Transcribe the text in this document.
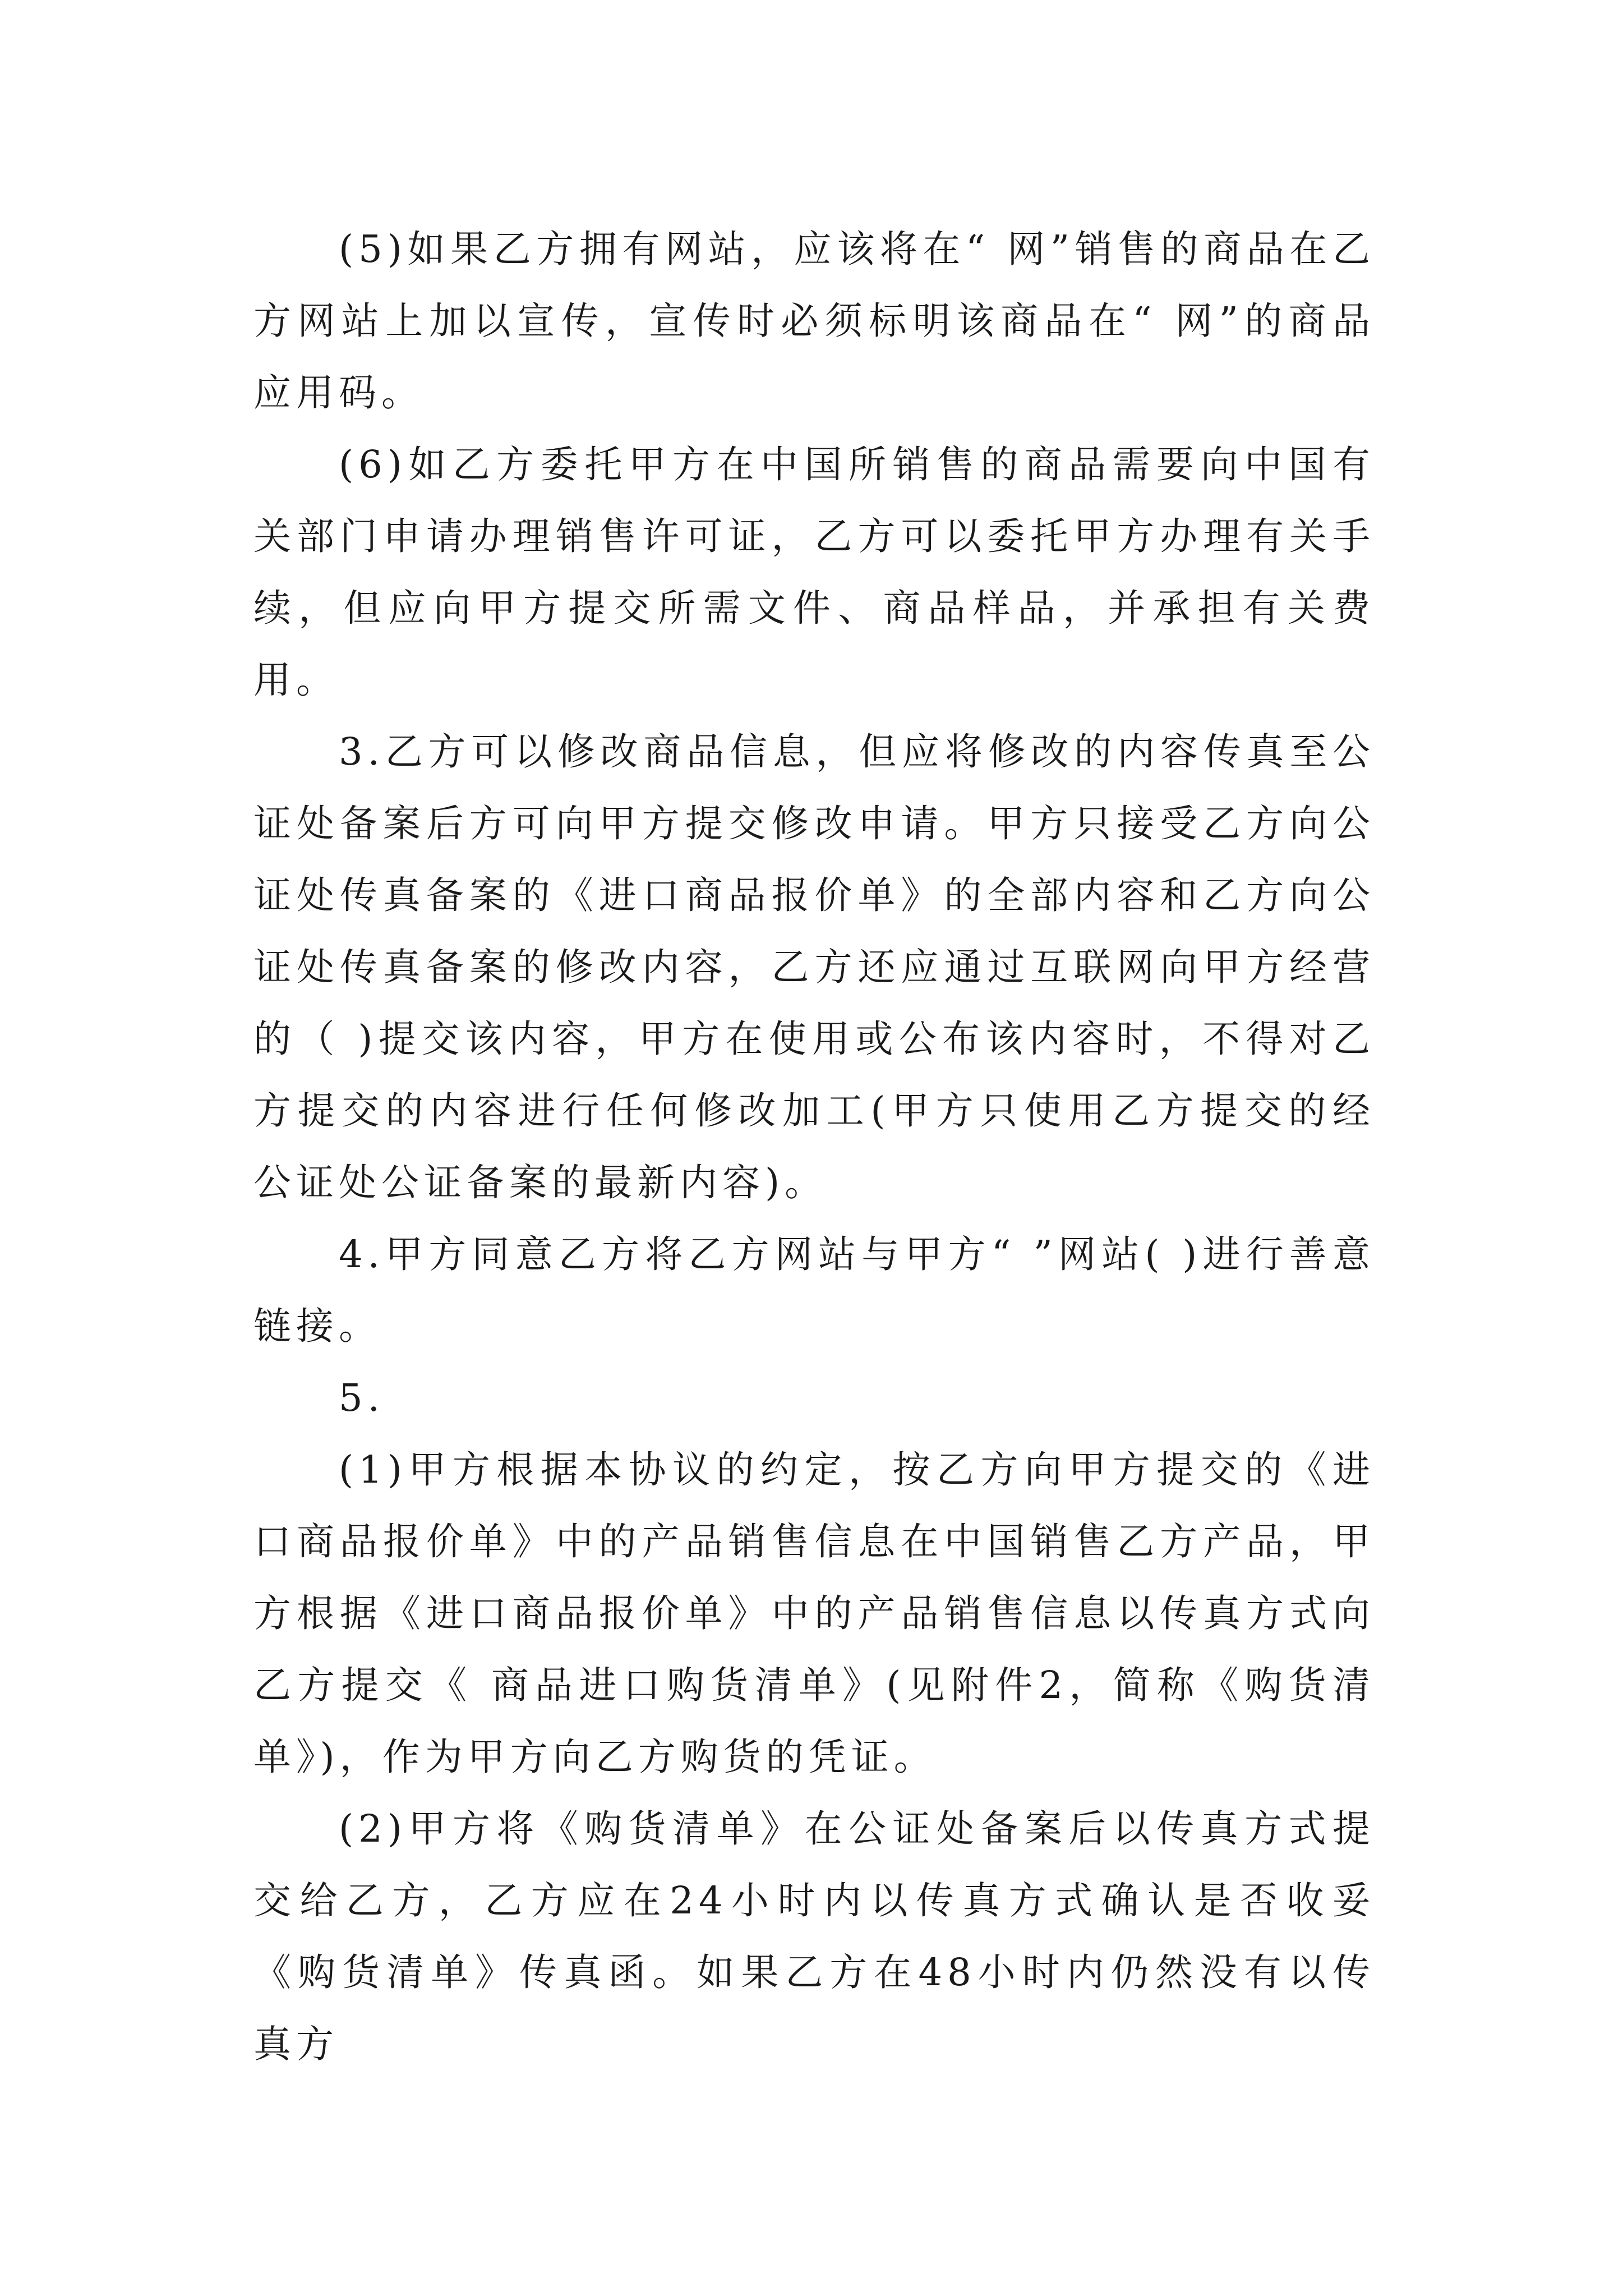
(5)如果乙方拥有网站，应该将在“ 网”销售的商品在乙方网站上加以宣传，宣传时必须标明该商品在“ 网”的商品应用码。

(6)如乙方委托甲方在中国所销售的商品需要向中国有关部门申请办理销售许可证，乙方可以委托甲方办理有关手续，但应向甲方提交所需文件、商品样品，并承担有关费用。

3.乙方可以修改商品信息，但应将修改的内容传真至公证处备案后方可向甲方提交修改申请。甲方只接受乙方向公证处传真备案的《进口商品报价单》的全部内容和乙方向公证处传真备案的修改内容，乙方还应通过互联网向甲方经营的（ )提交该内容，甲方在使用或公布该内容时，不得对乙方提交的内容进行任何修改加工(甲方只使用乙方提交的经公证处公证备案的最新内容)。

4.甲方同意乙方将乙方网站与甲方“ ”网站( )进行善意链接。

5.

(1)甲方根据本协议的约定，按乙方向甲方提交的《进口商品报价单》中的产品销售信息在中国销售乙方产品，甲方根据《进口商品报价单》中的产品销售信息以传真方式向乙方提交《 商品进口购货清单》(见附件2，简称《购货清单》)，作为甲方向乙方购货的凭证。

(2)甲方将《购货清单》在公证处备案后以传真方式提交给乙方，乙方应在24小时内以传真方式确认是否收妥《购货清单》传真函。如果乙方在48小时内仍然没有以传真方
